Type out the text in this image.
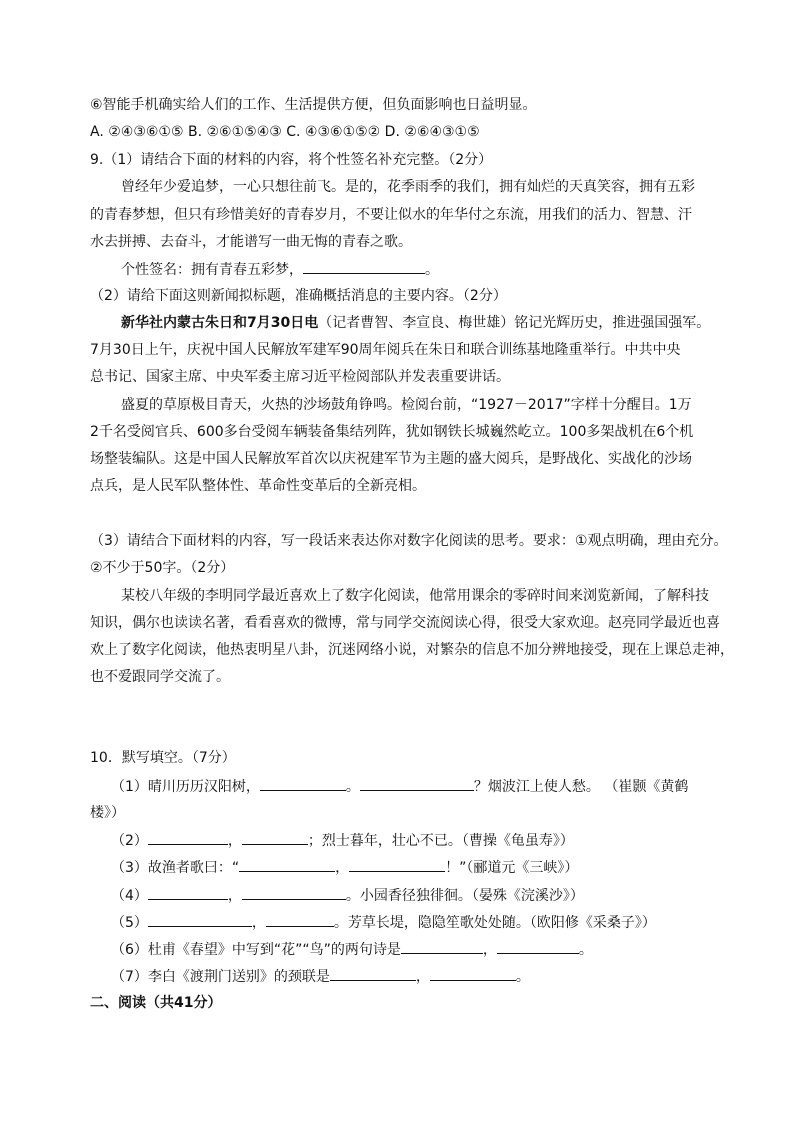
⑥智能手机确实给人们的工作、生活提供方便，但负面影响也日益明显。
A. ②④③⑥①⑤ B. ②⑥①⑤④③ C. ④③⑥①⑤② D. ②⑥④③①⑤
9.（1）请结合下面的材料的内容，将个性签名补充完整。（2分）
曾经年少爱追梦，一心只想往前飞。是的，花季雨季的我们，拥有灿烂的天真笑容，拥有五彩
的青春梦想，但只有珍惜美好的青春岁月，不要让似水的年华付之东流，用我们的活力、智慧、汗
水去拼搏、去奋斗，才能谱写一曲无悔的青春之歌。
个性签名：拥有青春五彩梦，	。
（2）请给下面这则新闻拟标题，准确概括消息的主要内容。（2分）
新华社内蒙古朱日和7月30日电（记者曹智、李宣良、梅世雄）铭记光辉历史，推进强国强军。
7月30日上午，庆祝中国人民解放军建军90周年阅兵在朱日和联合训练基地隆重举行。中共中央
总书记、国家主席、中央军委主席习近平检阅部队并发表重要讲话。
盛夏的草原极目青天，火热的沙场鼓角铮鸣。检阅台前，“1927－2017”字样十分醒目。1万
2千名受阅官兵、600多台受阅车辆装备集结列阵，犹如钢铁长城巍然屹立。100多架战机在6个机
场整装编队。这是中国人民解放军首次以庆祝建军节为主题的盛大阅兵，是野战化、实战化的沙场
点兵，是人民军队整体性、革命性变革后的全新亮相。
（3）请结合下面材料的内容，写一段话来表达你对数字化阅读的思考。要求：①观点明确，理由充分。
②不少于50字。（2分）
某校八年级的李明同学最近喜欢上了数字化阅读，他常用课余的零碎时间来浏览新闻，了解科技
知识，偶尔也读读名著，看看喜欢的微博，常与同学交流阅读心得，很受大家欢迎。赵亮同学最近也喜
欢上了数字化阅读，他热衷明星八卦，沉迷网络小说，对繁杂的信息不加分辨地接受，现在上课总走神，
也不爱跟同学交流了。
10．默写填空。（7分）
（1）晴川历历汉阳树，	。	？烟波江上使人愁。 （崔颢《黄鹤
楼》）
（2）	，	；烈士暮年，壮心不已。（曹操《龟虽寿》）
（3）故渔者歌曰：“	，	！”（郦道元《三峡》）
（4）	，	。小园香径独徘徊。（晏殊《浣溪沙》）
（5）	，	。芳草长堤，隐隐笙歌处处随。（欧阳修《采桑子》）
（6）杜甫《春望》中写到“花”“鸟”的两句诗是	，	。
（7）李白《渡荆门送别》的颈联是	，	。
二、阅读（共41分）
